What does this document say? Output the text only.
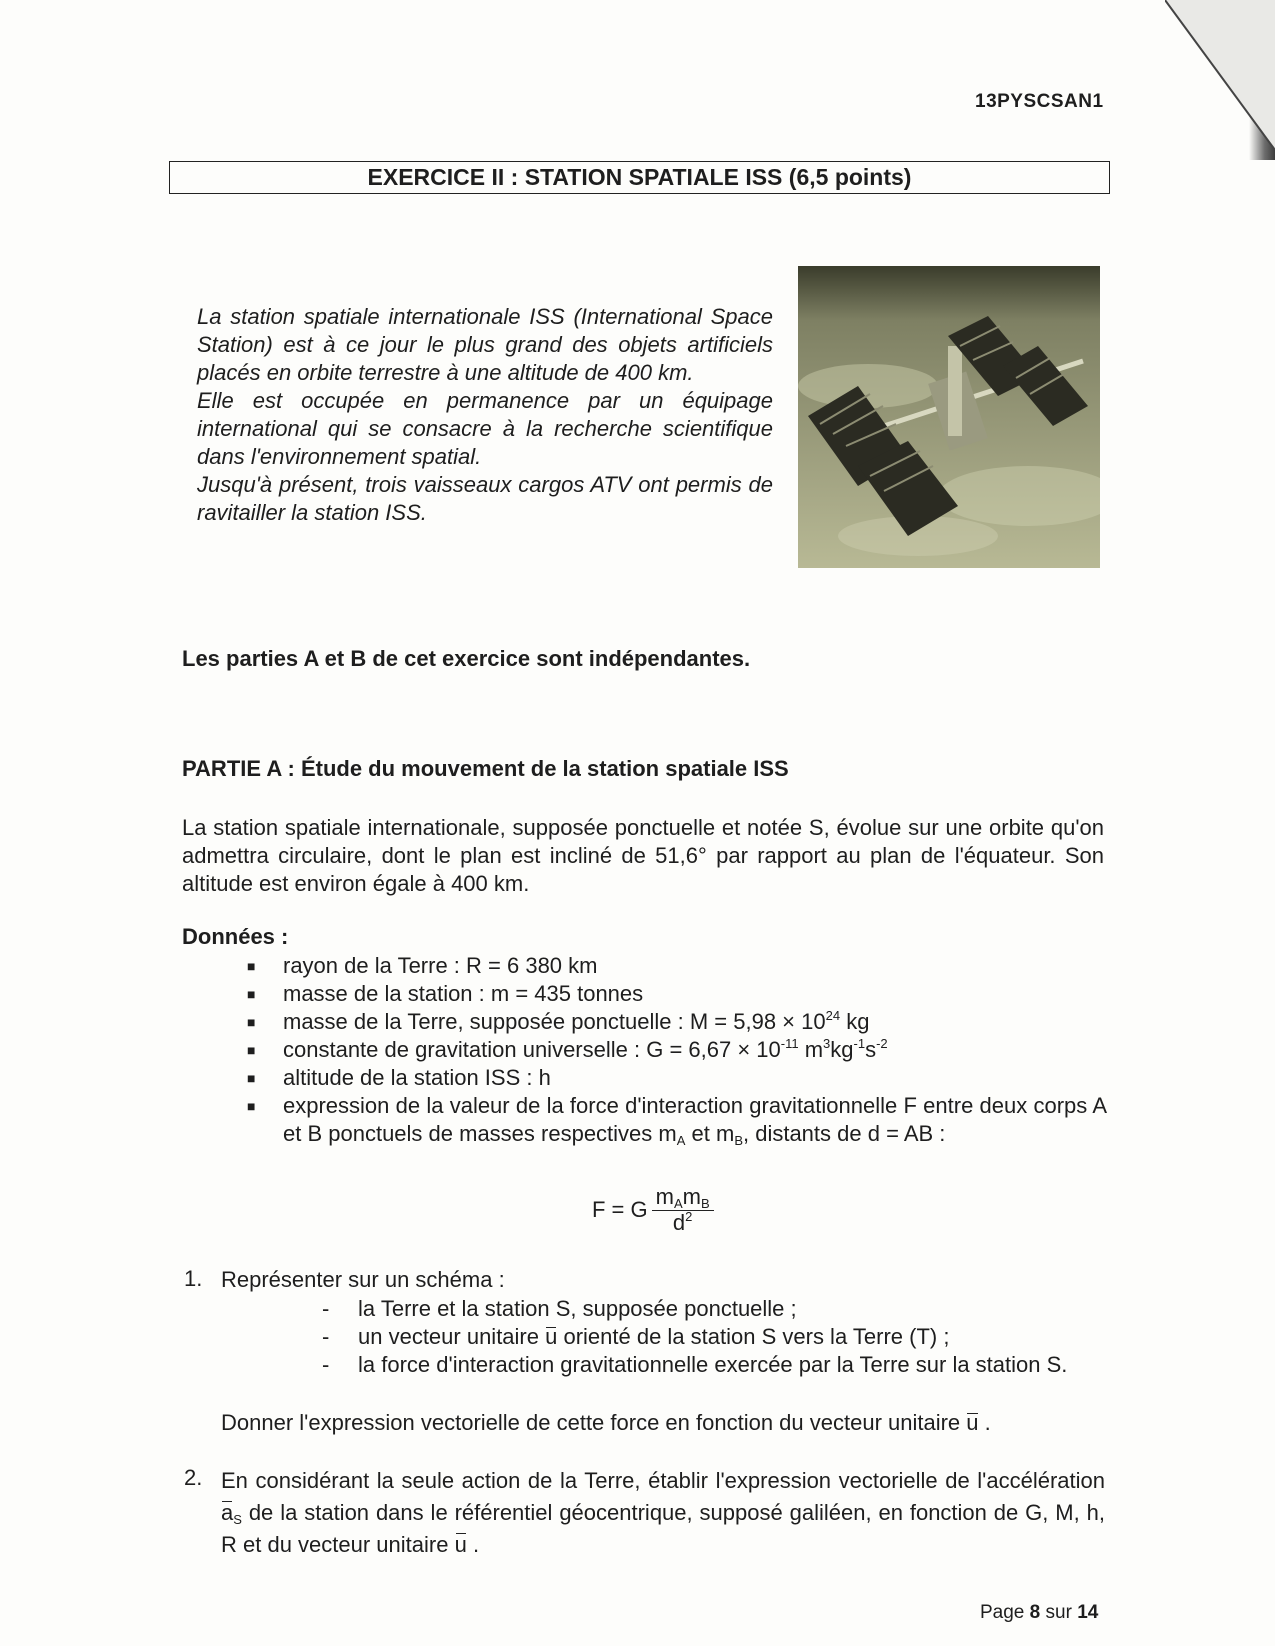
13PYSCSAN1
EXERCICE II : STATION SPATIALE ISS (6,5 points)

La station spatiale internationale ISS (International Space Station) est à ce jour le plus grand des objets artificiels placés en orbite terrestre à une altitude de 400 km.

Elle est occupée en permanence par un équipage international qui se consacre à la recherche scientifique dans l'environnement spatial.

Jusqu'à présent, trois vaisseaux cargos ATV ont permis de ravitailler la station ISS.

Les parties A et B de cet exercice sont indépendantes.
PARTIE A : Étude du mouvement de la station spatiale ISS

La station spatiale internationale, supposée ponctuelle et notée S, évolue sur une orbite qu'on admettra circulaire, dont le plan est incliné de 51,6° par rapport au plan de l'équateur. Son altitude est environ égale à 400 km.

Données :
■ rayon de la Terre : R = 6 380 km
■ masse de la station : m = 435 tonnes
■ masse de la Terre, supposée ponctuelle : $M = 5,98 \times 10^{24}$ kg
■ constante de gravitation universelle : $G = 6,67 \times 10^{-11}$ $m^3kg^{-1}s^{-2}$
■ altitude de la station ISS : h
■ expression de la valeur de la force d'interaction gravitationnelle F entre deux corps A et B ponctuels de masses respectives $m_A$ et $m_B$, distants de d = AB :
F = G $\frac{m_Am_B}{d^2}$
1. Représenter sur un schéma :
- la Terre et la station S, supposée ponctuelle ;
- un vecteur unitaire u orienté de la station S vers la Terre (T) ;
- la force d'interaction gravitationnelle exercée par la Terre sur la station S.
Donner l'expression vectorielle de cette force en fonction du vecteur unitaire u .
2. En considérant la seule action de la Terre, établir l'expression vectorielle de l'accélération $a_S$ de la station dans le référentiel géocentrique, supposé galiléen, en fonction de G, M, h, R et du vecteur unitaire u .
Page 8 sur 14
